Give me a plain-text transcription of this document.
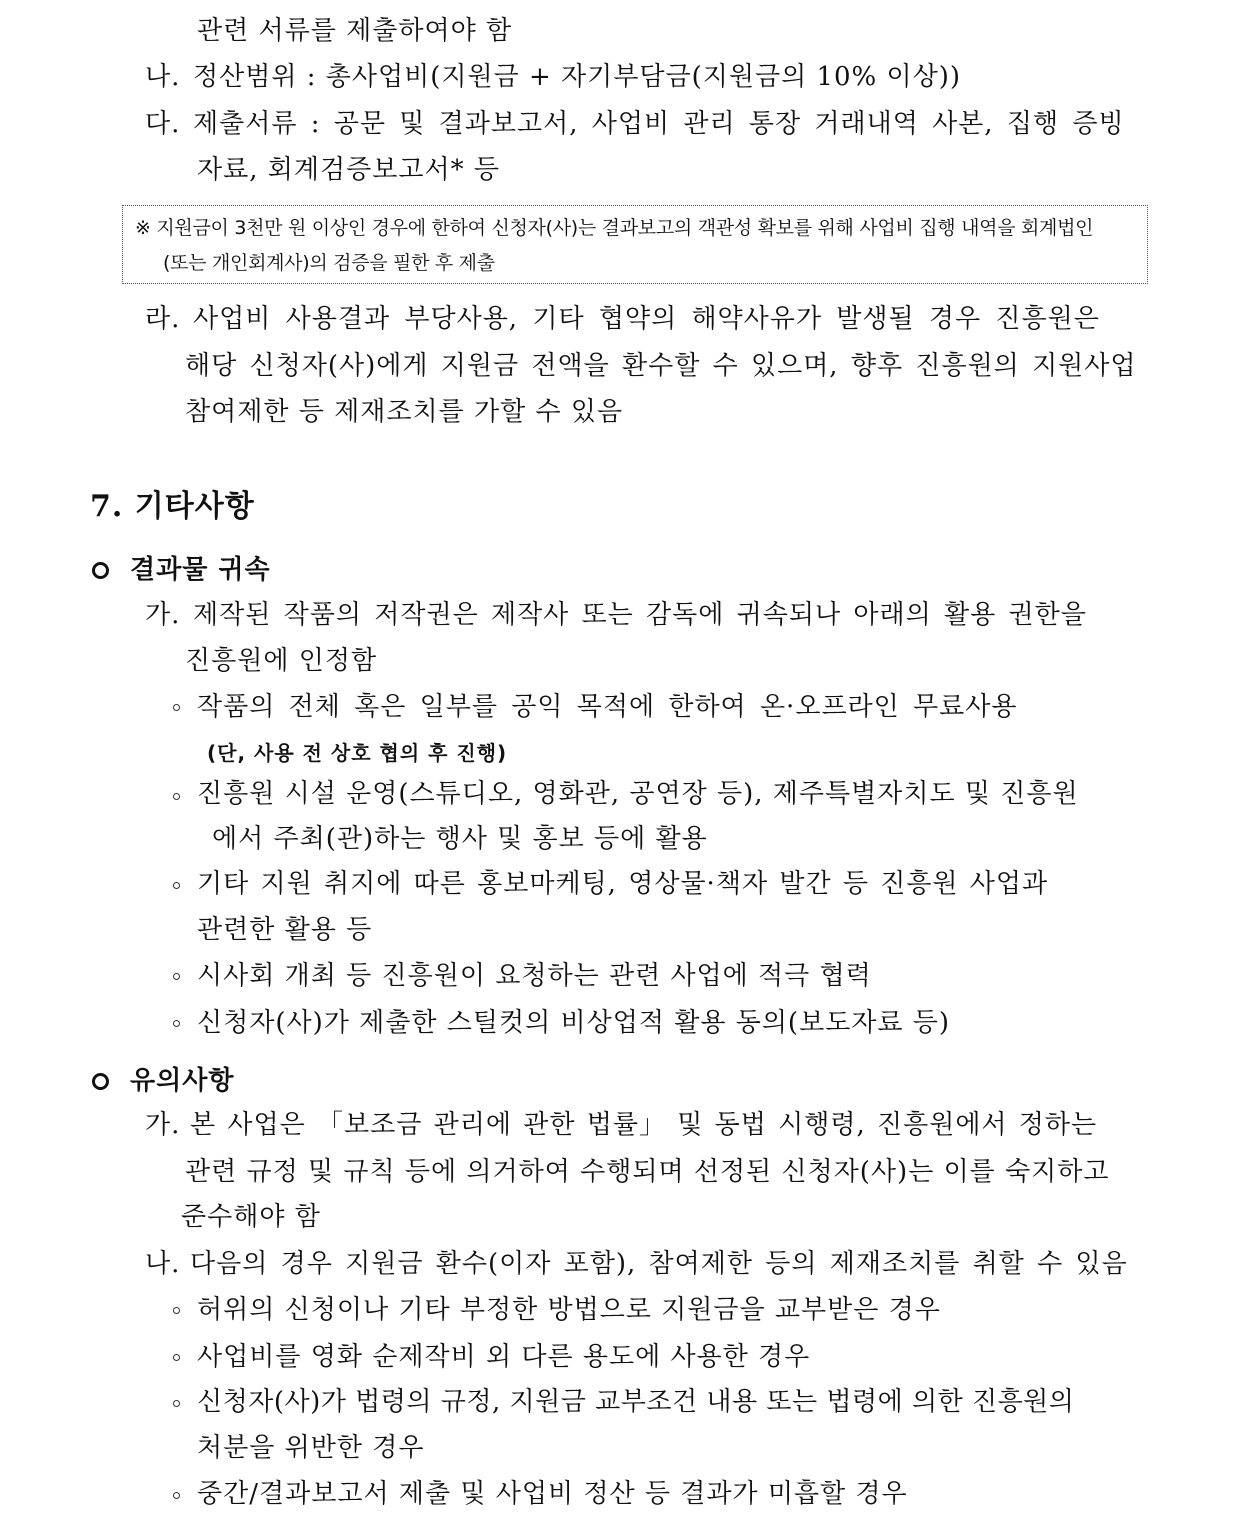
관련 서류를 제출하여야 함
나. 정산범위 : 총사업비(지원금 + 자기부담금(지원금의 10% 이상))
다. 제출서류 : 공문 및 결과보고서, 사업비 관리 통장 거래내역 사본, 집행 증빙
자료, 회계검증보고서* 등
※ 지원금이 3천만 원 이상인 경우에 한하여 신청자(사)는 결과보고의 객관성 확보를 위해 사업비 집행 내역을 회계법인
(또는 개인회계사)의 검증을 필한 후 제출
라. 사업비 사용결과 부당사용, 기타 협약의 해약사유가 발생될 경우 진흥원은
해당 신청자(사)에게 지원금 전액을 환수할 수 있으며, 향후 진흥원의 지원사업
참여제한 등 제재조치를 가할 수 있음
7. 기타사항
결과물 귀속
가. 제작된 작품의 저작권은 제작사 또는 감독에 귀속되나 아래의 활용 권한을
진흥원에 인정함
작품의 전체 혹은 일부를 공익 목적에 한하여 온·오프라인 무료사용
(단, 사용 전 상호 협의 후 진행)
진흥원 시설 운영(스튜디오, 영화관, 공연장 등), 제주특별자치도 및 진흥원
에서 주최(관)하는 행사 및 홍보 등에 활용
기타 지원 취지에 따른 홍보마케팅, 영상물·책자 발간 등 진흥원 사업과
관련한 활용 등
시사회 개최 등 진흥원이 요청하는 관련 사업에 적극 협력
신청자(사)가 제출한 스틸컷의 비상업적 활용 동의(보도자료 등)
유의사항
가. 본 사업은 「보조금 관리에 관한 법률」 및 동법 시행령, 진흥원에서 정하는
관련 규정 및 규칙 등에 의거하여 수행되며 선정된 신청자(사)는 이를 숙지하고
준수해야 함
나. 다음의 경우 지원금 환수(이자 포함), 참여제한 등의 제재조치를 취할 수 있음
허위의 신청이나 기타 부정한 방법으로 지원금을 교부받은 경우
사업비를 영화 순제작비 외 다른 용도에 사용한 경우
신청자(사)가 법령의 규정, 지원금 교부조건 내용 또는 법령에 의한 진흥원의
처분을 위반한 경우
중간/결과보고서 제출 및 사업비 정산 등 결과가 미흡할 경우
